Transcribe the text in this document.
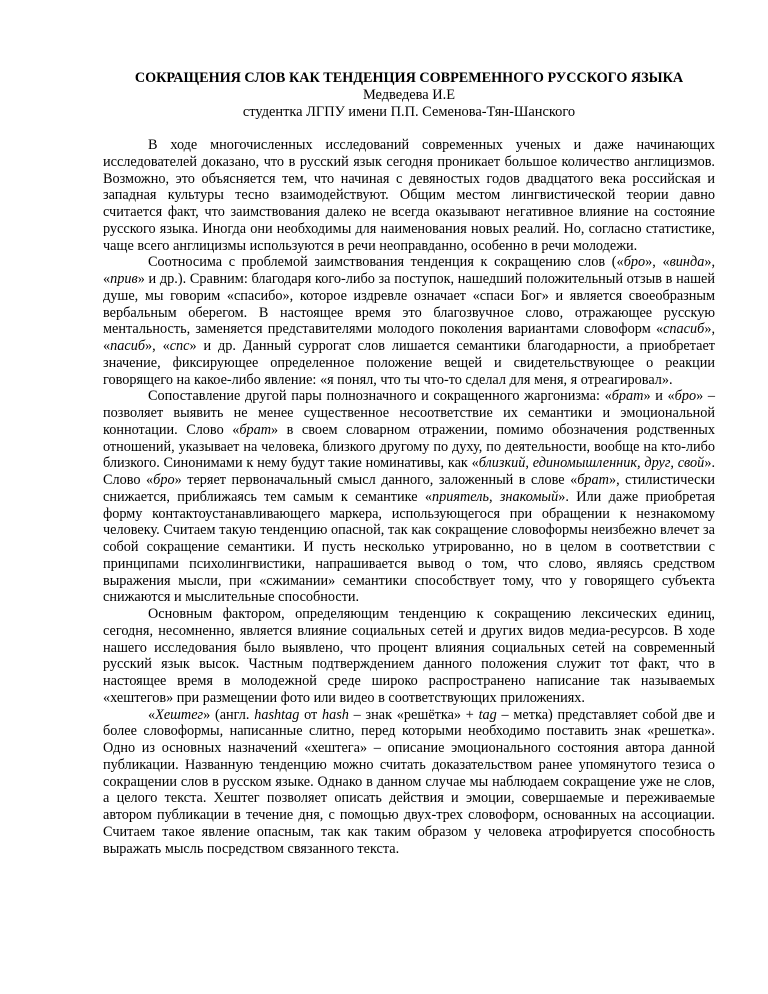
СОКРАЩЕНИЯ СЛОВ КАК ТЕНДЕНЦИЯ СОВРЕМЕННОГО РУССКОГО ЯЗЫКА

Медведева И.Е

студентка ЛГПУ имени П.П. Семенова-Тян-Шанского

В ходе многочисленных исследований современных ученых и даже начинающих исследователей доказано, что в русский язык сегодня проникает большое количество англицизмов. Возможно, это объясняется тем, что начиная с девяностых годов двадцатого века российская и западная культуры тесно взаимодействуют. Общим местом лингвистической теории давно считается факт, что заимствования далеко не всегда оказывают негативное влияние на состояние русского языка. Иногда они необходимы для наименования новых реалий. Но, согласно статистике, чаще всего англицизмы используются в речи неоправданно, особенно в речи молодежи.

Соотносима с проблемой заимствования тенденция к сокращению слов («бро», «винда», «прив» и др.). Сравним: благодаря кого-либо за поступок, нашедший положительный отзыв в нашей душе, мы говорим «спасибо», которое издревле означает «спаси Бог» и является своеобразным вербальным оберегом. В настоящее время это благозвучное слово, отражающее русскую ментальность, заменяется представителями молодого поколения вариантами словоформ «спасиб», «пасиб», «спс» и др. Данный суррогат слов лишается семантики благодарности, а приобретает значение, фиксирующее определенное положение вещей и свидетельствующее о реакции говорящего на какое-либо явление: «я понял, что ты что-то сделал для меня, я отреагировал».

Сопоставление другой пары полнозначного и сокращенного жаргонизма: «брат» и «бро» – позволяет выявить не менее существенное несоответствие их семантики и эмоциональной коннотации. Слово «брат» в своем словарном отражении, помимо обозначения родственных отношений, указывает на человека, близкого другому по духу, по деятельности, вообще на кто-либо близкого. Синонимами к нему будут такие номинативы, как «близкий, единомышленник, друг, свой». Слово «бро» теряет первоначальный смысл данного, заложенный в слове «брат», стилистически снижается, приближаясь тем самым к семантике «приятель, знакомый». Или даже приобретая форму контактоустанавливающего маркера, использующегося при обращении к незнакомому человеку. Считаем такую тенденцию опасной, так как сокращение словоформы неизбежно влечет за собой сокращение семантики. И пусть несколько утрированно, но в целом в соответствии с принципами психолингвистики, напрашивается вывод о том, что слово, являясь средством выражения мысли, при «сжимании» семантики способствует тому, что у говорящего субъекта снижаются и мыслительные способности.

Основным фактором, определяющим тенденцию к сокращению лексических единиц, сегодня, несомненно, является влияние социальных сетей и других видов медиа-ресурсов. В ходе нашего исследования было выявлено, что процент влияния социальных сетей на современный русский язык высок. Частным подтверждением данного положения служит тот факт, что в настоящее время в молодежной среде широко распространено написание так называемых «хештегов» при размещении фото или видео в соответствующих приложениях.

«Хештег» (англ. hashtag от hash – знак «решётка» + tag – метка) представляет собой две и более словоформы, написанные слитно, перед которыми необходимо поставить знак «решетка». Одно из основных назначений «хештега» – описание эмоционального состояния автора данной публикации. Названную тенденцию можно считать доказательством ранее упомянутого тезиса о сокращении слов в русском языке. Однако в данном случае мы наблюдаем сокращение уже не слов, а целого текста. Хештег позволяет описать действия и эмоции, совершаемые и переживаемые автором публикации в течение дня, с помощью двух-трех словоформ, основанных на ассоциации. Считаем такое явление опасным, так как таким образом у человека атрофируется способность выражать мысль посредством связанного текста.
